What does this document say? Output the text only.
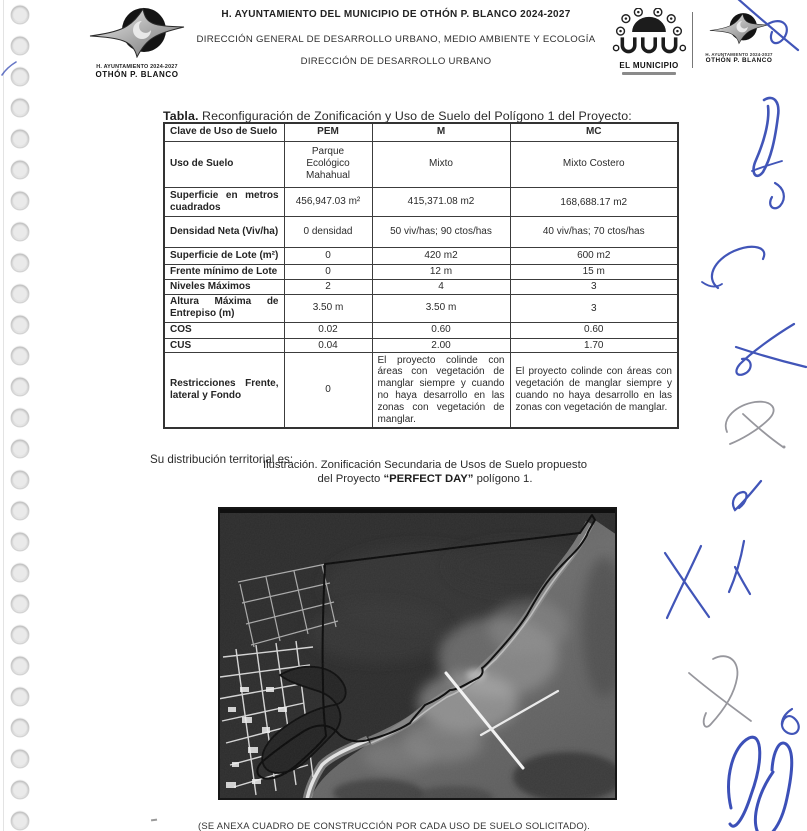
H. AYUNTAMIENTO 2024-2027
OTHÓN P. BLANCO
H. AYUNTAMIENTO DEL MUNICIPIO DE OTHÓN P. BLANCO 2024-2027
DIRECCIÓN GENERAL DE DESARROLLO URBANO, MEDIO AMBIENTE Y ECOLOGÍA
DIRECCIÓN DE DESARROLLO URBANO	EL MUNICIPIO
H. AYUNTAMIENTO 2024-2027
OTHÓN P. BLANCO

Tabla. Reconfiguración de Zonificación y Uso de Suelo del Polígono 1 del Proyecto:

Clave de Uso de Suelo	PEM	M	MC
Uso de Suelo	Parque Ecológico Mahahual	Mixto	Mixto Costero
Superficie en metros cuadrados	456,947.03 m²	415,371.08 m2	168,688.17 m2
Densidad Neta (Viv/ha)	0 densidad	50 viv/has; 90 ctos/has	40 viv/has; 70 ctos/has
Superficie de Lote (m²)	0	420 m2	600 m2
Frente mínimo de Lote	0	12 m	15 m
Niveles Máximos	2	4	3
Altura Máxima de Entrepiso (m)	3.50 m	3.50 m	3
COS	0.02	0.60	0.60
CUS	0.04	2.00	1.70
Restricciones Frente, lateral y Fondo	0	El proyecto colinde con áreas con vegetación de manglar siempre y cuando no haya desarrollo en las zonas con vegetación de manglar.	El proyecto colinde con áreas con vegetación de manglar siempre y cuando no haya desarrollo en las zonas con vegetación de manglar.

Su distribución territorial es:

Ilustración. Zonificación Secundaria de Usos de Suelo propuesto
del Proyecto “PERFECT DAY” polígono 1.

(SE ANEXA CUADRO DE CONSTRUCCIÓN POR CADA USO DE SUELO SOLICITADO).
